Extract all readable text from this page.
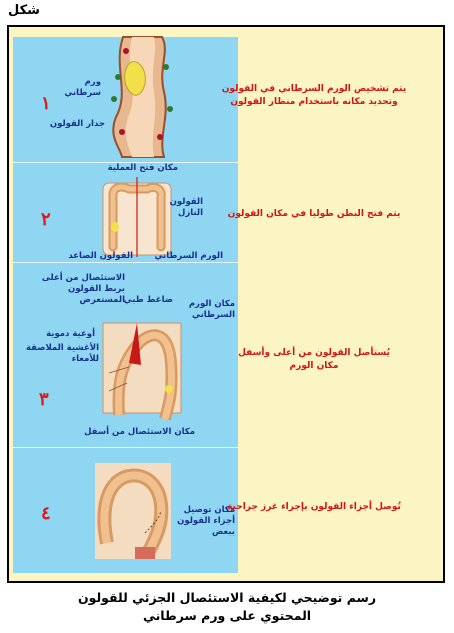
شكل
١
ورم
سرطاني
جدار القولون
٢
مكان فتح العملية
القولون
النازل
الورم السرطاني
القولون الصاعد
٣
الاستئصال من أعلى
بربط القولون
المستعرض
ضاغط طبي	مكان الورم
السرطاني
أوعية دموية
الأغشية الملاصقة
للأمعاء
مكان الاستئصال من أسفل
٤	مكان توصيل
أجزاء القولون
ببعض
يتم تشخيص الورم السرطاني في القولون
وتحديد مكانه باستخدام منظار القولون
يتم فتح البطن طوليا في مكان القولون
يُستأصل القولون من أعلى وأسفل
مكان الورم
تُوصل أجزاء القولون بإجراء غرز جراحية
رسم توضيحي لكيفية الاستئصال الجزئي للقولون
المحتوي على ورم سرطاني
